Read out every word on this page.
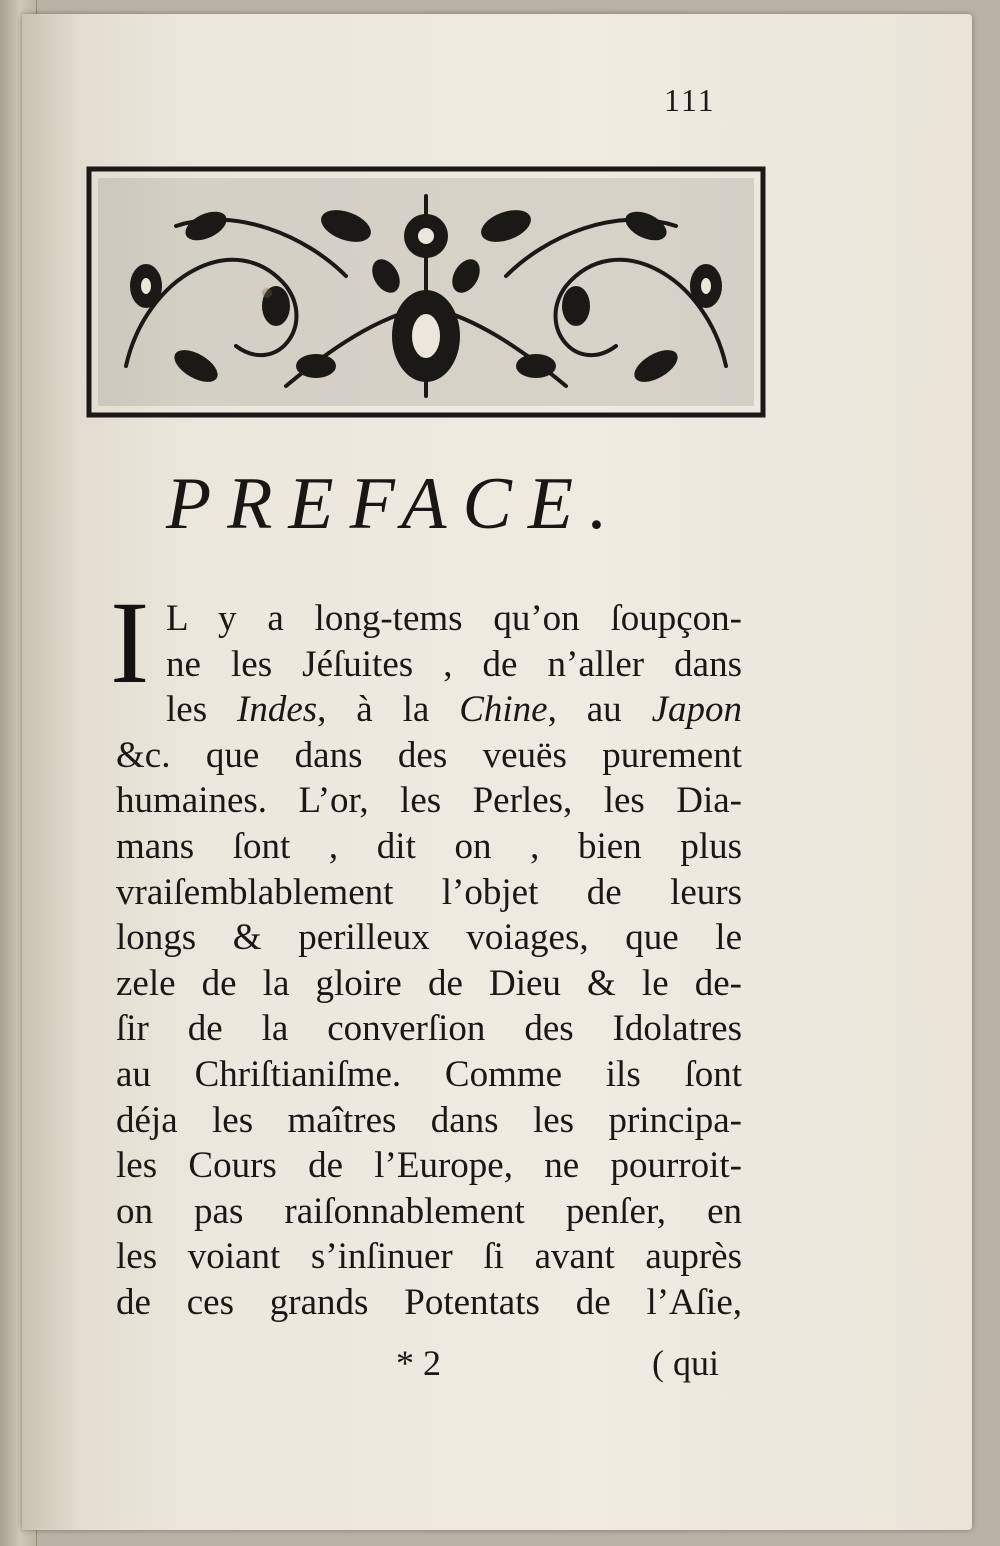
111
PREFACE.
I L y a long-tems qu’on ſoupçon-
ne les Jéſuites , de n’aller dans
les Indes, à la Chine, au Japon
&c. que dans des veuës purement
humaines. L’or, les Perles, les Dia-
mans ſont , dit on , bien plus
vraiſemblablement l’objet de leurs
longs & perilleux voiages, que le
zele de la gloire de Dieu & le de-
ſir de la converſion des Idolatres
au Chriſtianiſme. Comme ils ſont
déja les maîtres dans les principa-
les Cours de l’Europe, ne pourroit-
on pas raiſonnablement penſer, en
les voiant s’inſinuer ſi avant auprès
de ces grands Potentats de l’Aſie,
* 2	( qui
